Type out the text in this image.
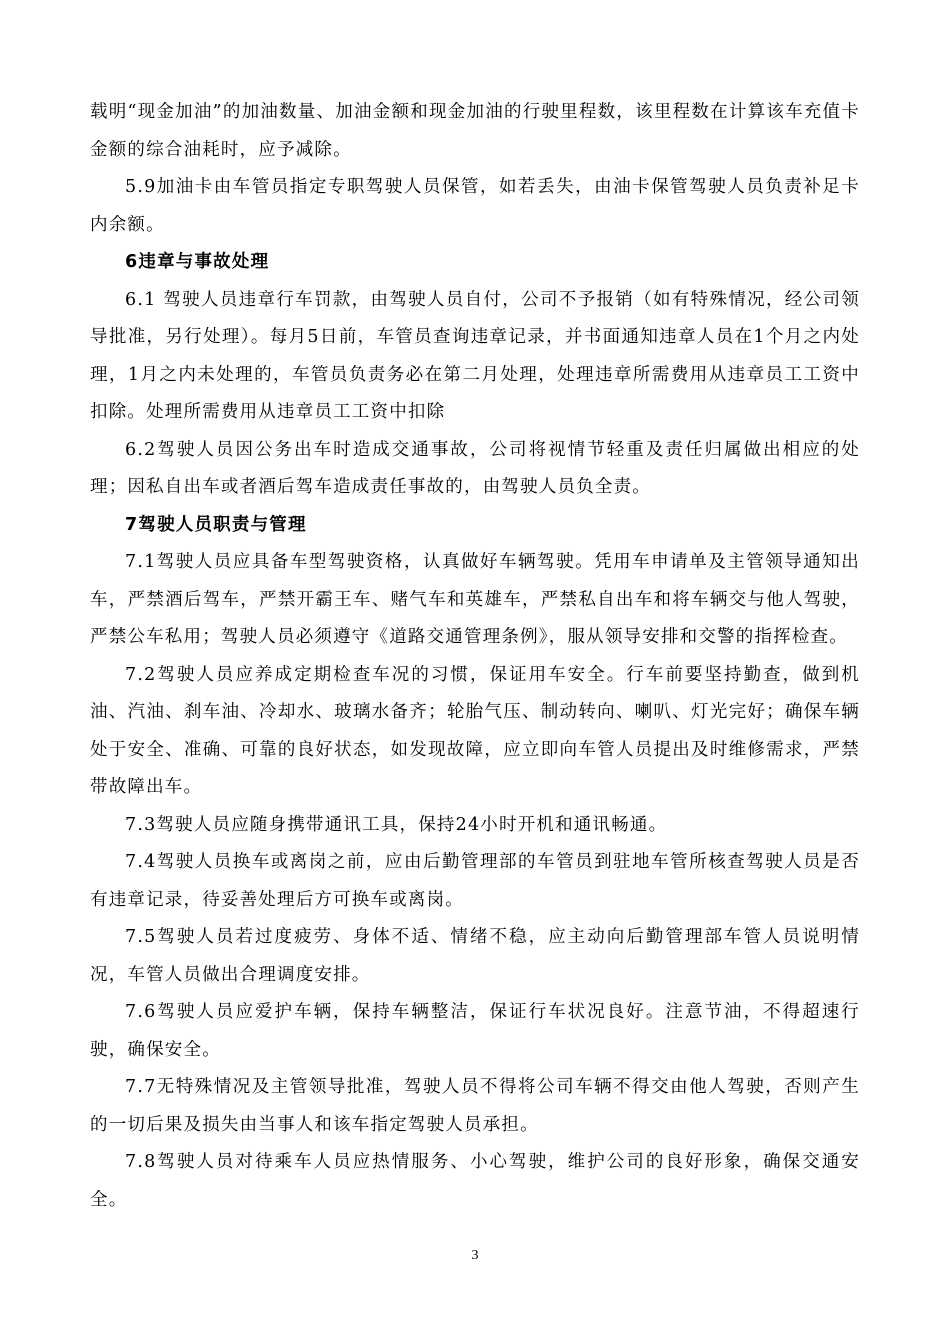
载明“现金加油”的加油数量、加油金额和现金加油的行驶里程数，该里程数在计算该车充值卡金额的综合油耗时，应予减除。

5.9加油卡由车管员指定专职驾驶人员保管，如若丢失，由油卡保管驾驶人员负责补足卡内余额。

6违章与事故处理

6.1 驾驶人员违章行车罚款，由驾驶人员自付，公司不予报销（如有特殊情况，经公司领导批准，另行处理）。每月5日前，车管员查询违章记录，并书面通知违章人员在1个月之内处理，1月之内未处理的，车管员负责务必在第二月处理，处理违章所需费用从违章员工工资中扣除。处理所需费用从违章员工工资中扣除

6.2驾驶人员因公务出车时造成交通事故，公司将视情节轻重及责任归属做出相应的处理；因私自出车或者酒后驾车造成责任事故的，由驾驶人员负全责。

7驾驶人员职责与管理

7.1驾驶人员应具备车型驾驶资格，认真做好车辆驾驶。凭用车申请单及主管领导通知出车，严禁酒后驾车，严禁开霸王车、赌气车和英雄车，严禁私自出车和将车辆交与他人驾驶，严禁公车私用；驾驶人员必须遵守《道路交通管理条例》，服从领导安排和交警的指挥检查。

7.2驾驶人员应养成定期检查车况的习惯，保证用车安全。行车前要坚持勤查，做到机油、汽油、刹车油、冷却水、玻璃水备齐；轮胎气压、制动转向、喇叭、灯光完好；确保车辆处于安全、准确、可靠的良好状态，如发现故障，应立即向车管人员提出及时维修需求，严禁带故障出车。

7.3驾驶人员应随身携带通讯工具，保持24小时开机和通讯畅通。

7.4驾驶人员换车或离岗之前，应由后勤管理部的车管员到驻地车管所核查驾驶人员是否有违章记录，待妥善处理后方可换车或离岗。

7.5驾驶人员若过度疲劳、身体不适、情绪不稳，应主动向后勤管理部车管人员说明情况，车管人员做出合理调度安排。

7.6驾驶人员应爱护车辆，保持车辆整洁，保证行车状况良好。注意节油，不得超速行驶，确保安全。

7.7无特殊情况及主管领导批准，驾驶人员不得将公司车辆不得交由他人驾驶，否则产生的一切后果及损失由当事人和该车指定驾驶人员承担。

7.8驾驶人员对待乘车人员应热情服务、小心驾驶，维护公司的良好形象，确保交通安全。

3
